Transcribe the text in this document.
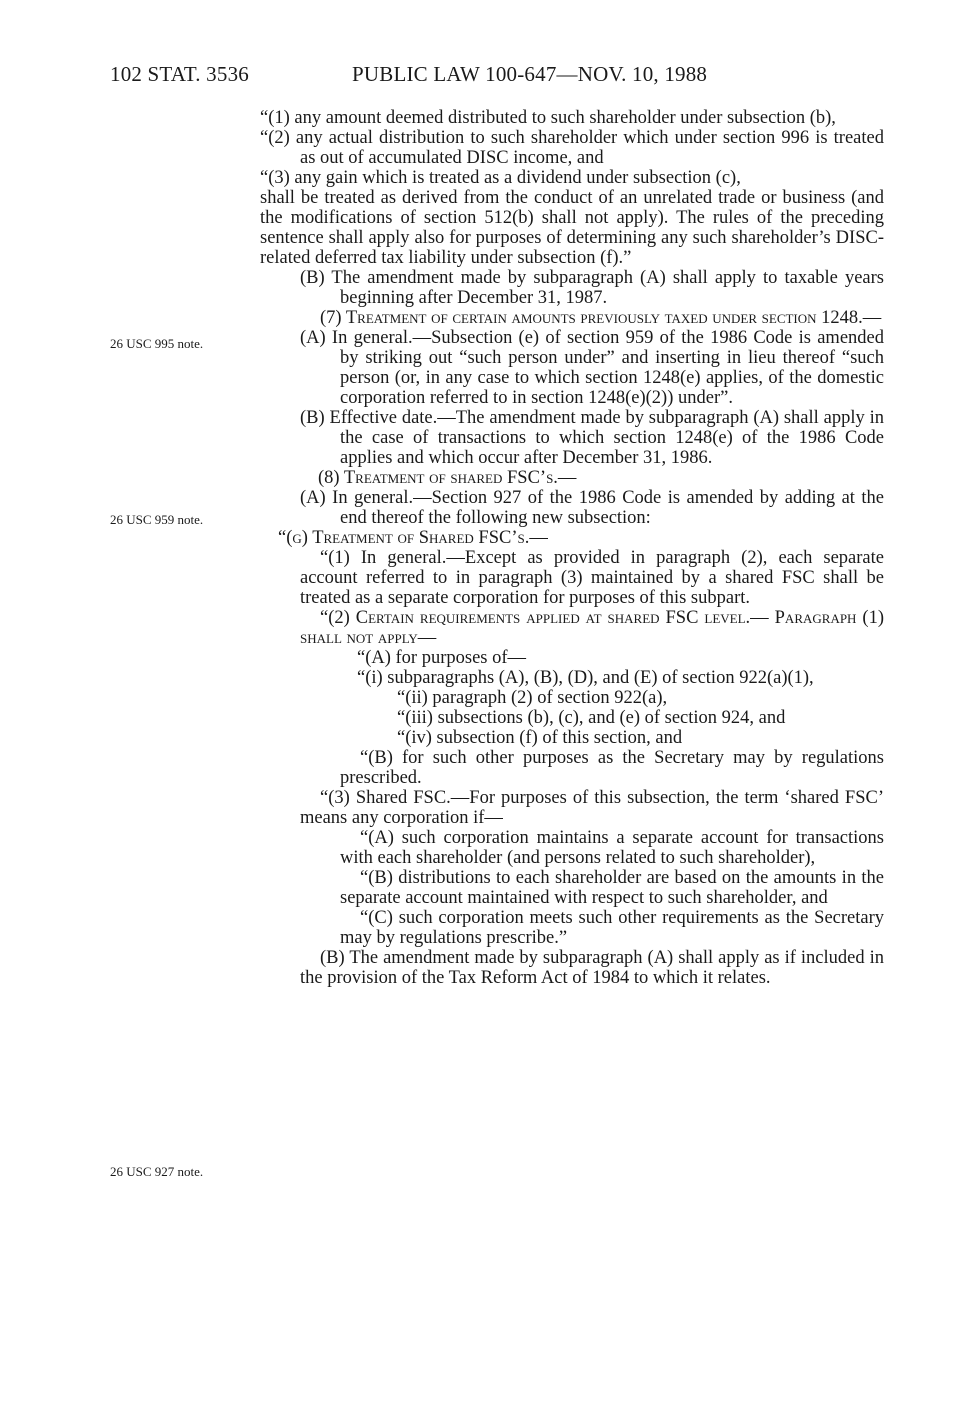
102 STAT. 3536	PUBLIC LAW 100-647—NOV. 10, 1988
26 USC 995 note.
26 USC 959 note.
26 USC 927 note.

“(1) any amount deemed distributed to such shareholder under subsection (b),

“(2) any actual distribution to such shareholder which under section 996 is treated as out of accumulated DISC income, and

“(3) any gain which is treated as a dividend under subsection (c),

shall be treated as derived from the conduct of an unrelated trade or business (and the modifications of section 512(b) shall not apply). The rules of the preceding sentence shall apply also for purposes of determining any such shareholder’s DISC-related deferred tax liability under subsection (f).”

(B) The amendment made by subparagraph (A) shall apply to taxable years beginning after December 31, 1987.

(7) Treatment of certain amounts previously taxed under section 1248.—

(A) In general.—Subsection (e) of section 959 of the 1986 Code is amended by striking out “such person under” and inserting in lieu thereof “such person (or, in any case to which section 1248(e) applies, of the domestic corporation referred to in section 1248(e)(2)) under”.

(B) Effective date.—The amendment made by subparagraph (A) shall apply in the case of transactions to which section 1248(e) of the 1986 Code applies and which occur after December 31, 1986.

(8) Treatment of shared FSC’s.—

(A) In general.—Section 927 of the 1986 Code is amended by adding at the end thereof the following new subsection:

“(g) Treatment of Shared FSC’s.—

“(1) In general.—Except as provided in paragraph (2), each separate account referred to in paragraph (3) maintained by a shared FSC shall be treated as a separate corporation for purposes of this subpart.

“(2) Certain requirements applied at shared FSC level.— Paragraph (1) shall not apply—

“(A) for purposes of—

“(i) subparagraphs (A), (B), (D), and (E) of section 922(a)(1),

“(ii) paragraph (2) of section 922(a),

“(iii) subsections (b), (c), and (e) of section 924, and

“(iv) subsection (f) of this section, and

“(B) for such other purposes as the Secretary may by regulations prescribed.

“(3) Shared FSC.—For purposes of this subsection, the term ‘shared FSC’ means any corporation if—

“(A) such corporation maintains a separate account for transactions with each shareholder (and persons related to such shareholder),

“(B) distributions to each shareholder are based on the amounts in the separate account maintained with respect to such shareholder, and

“(C) such corporation meets such other requirements as the Secretary may by regulations prescribe.”

(B) The amendment made by subparagraph (A) shall apply as if included in the provision of the Tax Reform Act of 1984 to which it relates.
